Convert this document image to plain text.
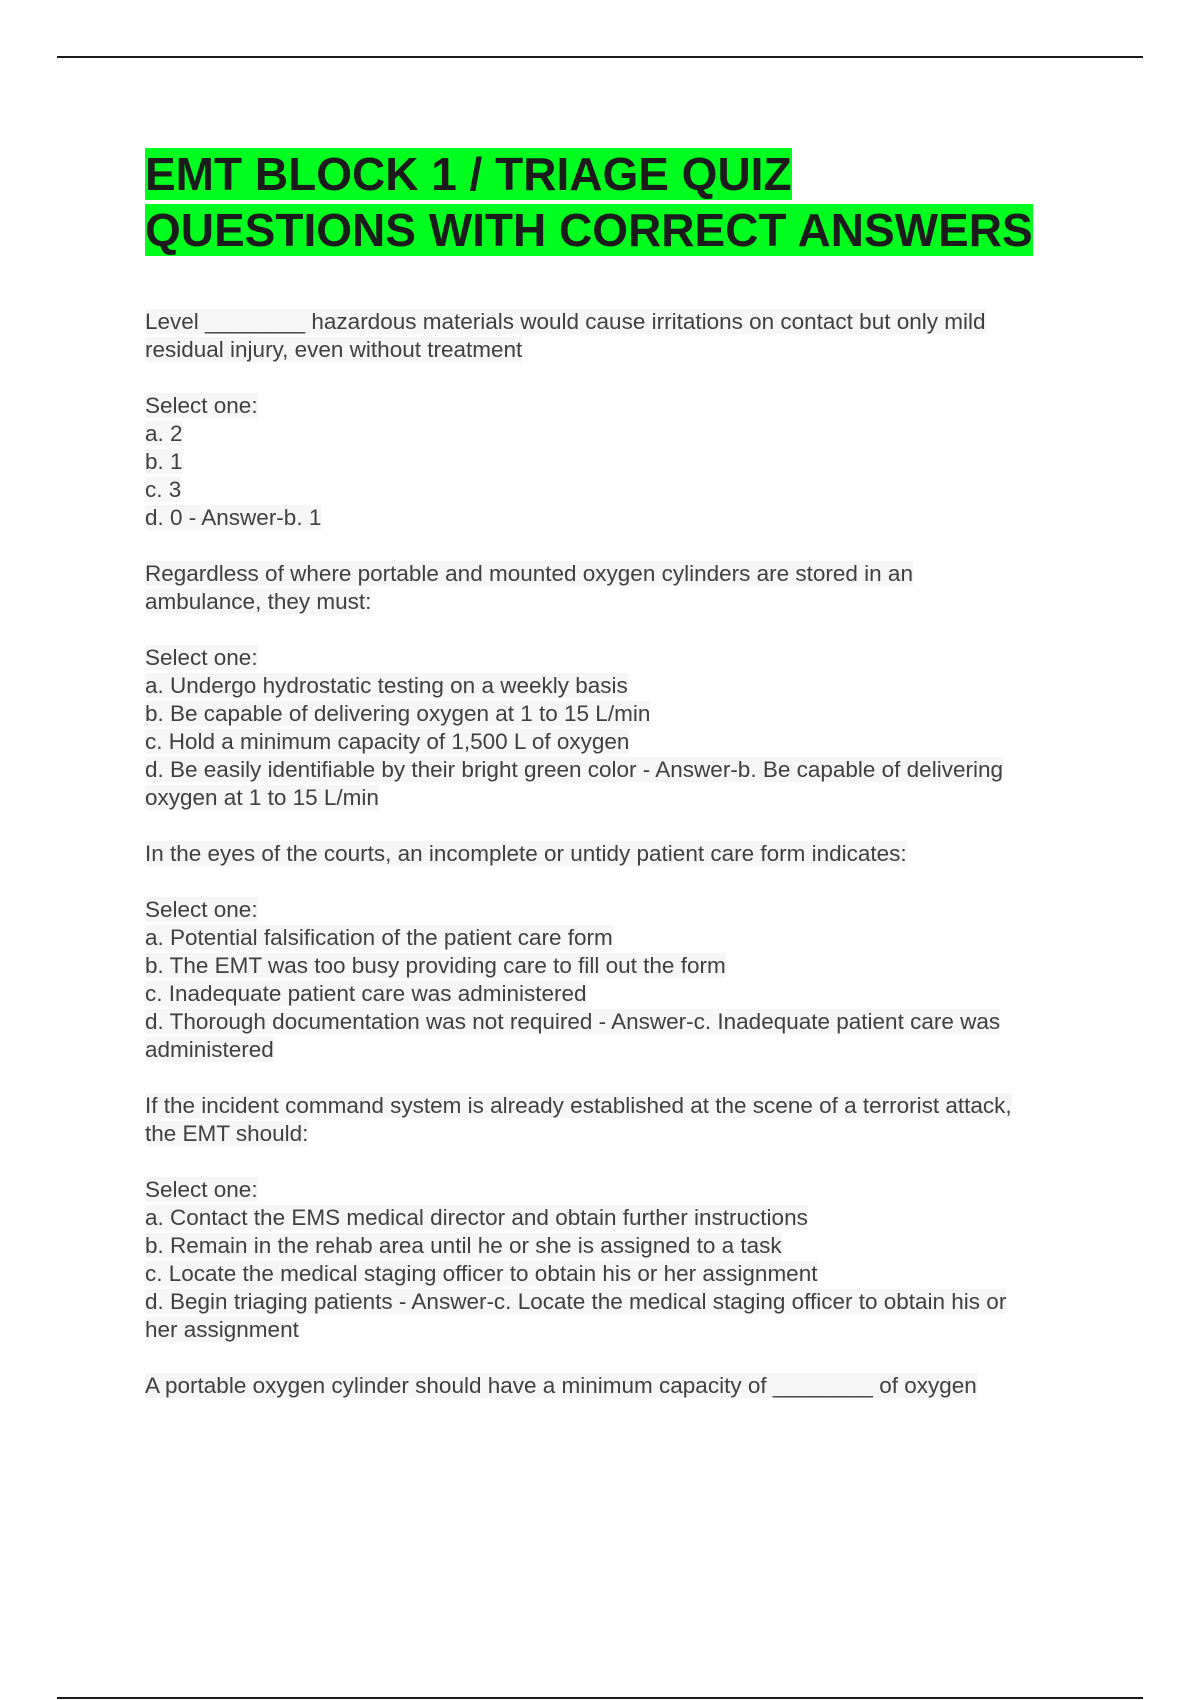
EMT BLOCK 1 / TRIAGE QUIZ
QUESTIONS WITH CORRECT ANSWERS
Level ________ hazardous materials would cause irritations on contact but only mild
residual injury, even without treatment
Select one:
a. 2
b. 1
c. 3
d. 0 - Answer-b. 1
Regardless of where portable and mounted oxygen cylinders are stored in an
ambulance, they must:
Select one:
a. Undergo hydrostatic testing on a weekly basis
b. Be capable of delivering oxygen at 1 to 15 L/min
c. Hold a minimum capacity of 1,500 L of oxygen
d. Be easily identifiable by their bright green color - Answer-b. Be capable of delivering
oxygen at 1 to 15 L/min
In the eyes of the courts, an incomplete or untidy patient care form indicates:
Select one:
a. Potential falsification of the patient care form
b. The EMT was too busy providing care to fill out the form
c. Inadequate patient care was administered
d. Thorough documentation was not required - Answer-c. Inadequate patient care was
administered
If the incident command system is already established at the scene of a terrorist attack,
the EMT should:
Select one:
a. Contact the EMS medical director and obtain further instructions
b. Remain in the rehab area until he or she is assigned to a task
c. Locate the medical staging officer to obtain his or her assignment
d. Begin triaging patients - Answer-c. Locate the medical staging officer to obtain his or
her assignment
A portable oxygen cylinder should have a minimum capacity of ________ of oxygen
